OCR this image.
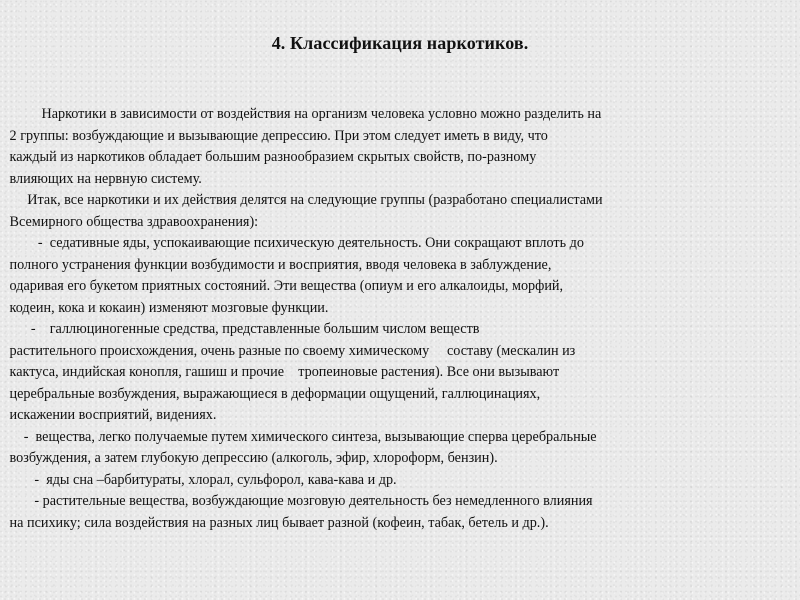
4. Классификация наркотиков.
Наркотики в зависимости от воздействия на организм человека условно можно разделить на
2 группы: возбуждающие и вызывающие депрессию. При этом следует иметь в виду, что
каждый из наркотиков обладает большим разнообразием скрытых свойств, по-разному
влияющих на нервную систему.
Итак, все наркотики и их действия делятся на следующие группы (разработано специалистами
Всемирного общества здравоохранения):
-  седативные яды, успокаивающие психическую деятельность. Они сокращают вплоть до
полного устранения функции возбудимости и восприятия, вводя человека в заблуждение,
одаривая его букетом приятных состояний. Эти вещества (опиум и его алкалоиды, морфий,
кодеин, кока и кокаин) изменяют мозговые функции.
-    галлюциногенные средства, представленные большим числом веществ
растительного происхождения, очень разные по своему химическому     составу (мескалин из
кактуса, индийская конопля, гашиш и прочие    тропеиновые растения). Все они вызывают
церебральные возбуждения, выражающиеся в деформации ощущений, галлюцинациях,
искажении восприятий, видениях.
-  вещества, легко получаемые путем химического синтеза, вызывающие сперва церебральные
возбуждения, а затем глубокую депрессию (алкоголь, эфир, хлороформ, бензин).
-  яды сна –барбитураты, хлорал, сульфорол, кава-кава и др.
- растительные вещества, возбуждающие мозговую деятельность без немедленного влияния
на психику; сила воздействия на разных лиц бывает разной (кофеин, табак, бетель и др.).
